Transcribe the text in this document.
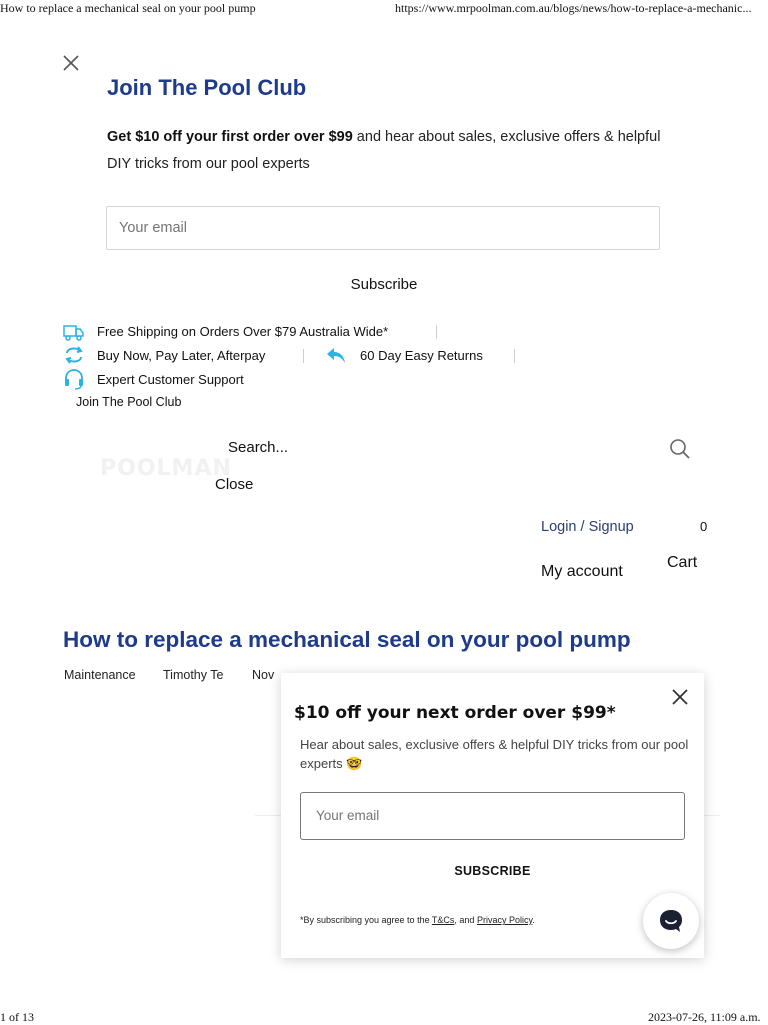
How to replace a mechanical seal on your pool pump	https://www.mrpoolman.com.au/blogs/news/how-to-replace-a-mechanic...
1 of 13	2023-07-26, 11:09 a.m.
Join The Pool Club
Get $10 off your first order over $99 and hear about sales, exclusive offers & helpful DIY tricks from our pool experts
Your email
Subscribe
Free Shipping on Orders Over $79 Australia Wide*
Buy Now, Pay Later, Afterpay	60 Day Easy Returns
Expert Customer Support
Join The Pool Club
Search...
POOLMAN
Close
Login / Signup	0
My account
Cart
How to replace a mechanical seal on your pool pump
Maintenance Timothy Te Nov
$10 off your next order over $99*
Hear about sales, exclusive offers & helpful DIY tricks from our pool experts 🤓
Your email
SUBSCRIBE
*By subscribing you agree to the T&Cs, and Privacy Policy.
